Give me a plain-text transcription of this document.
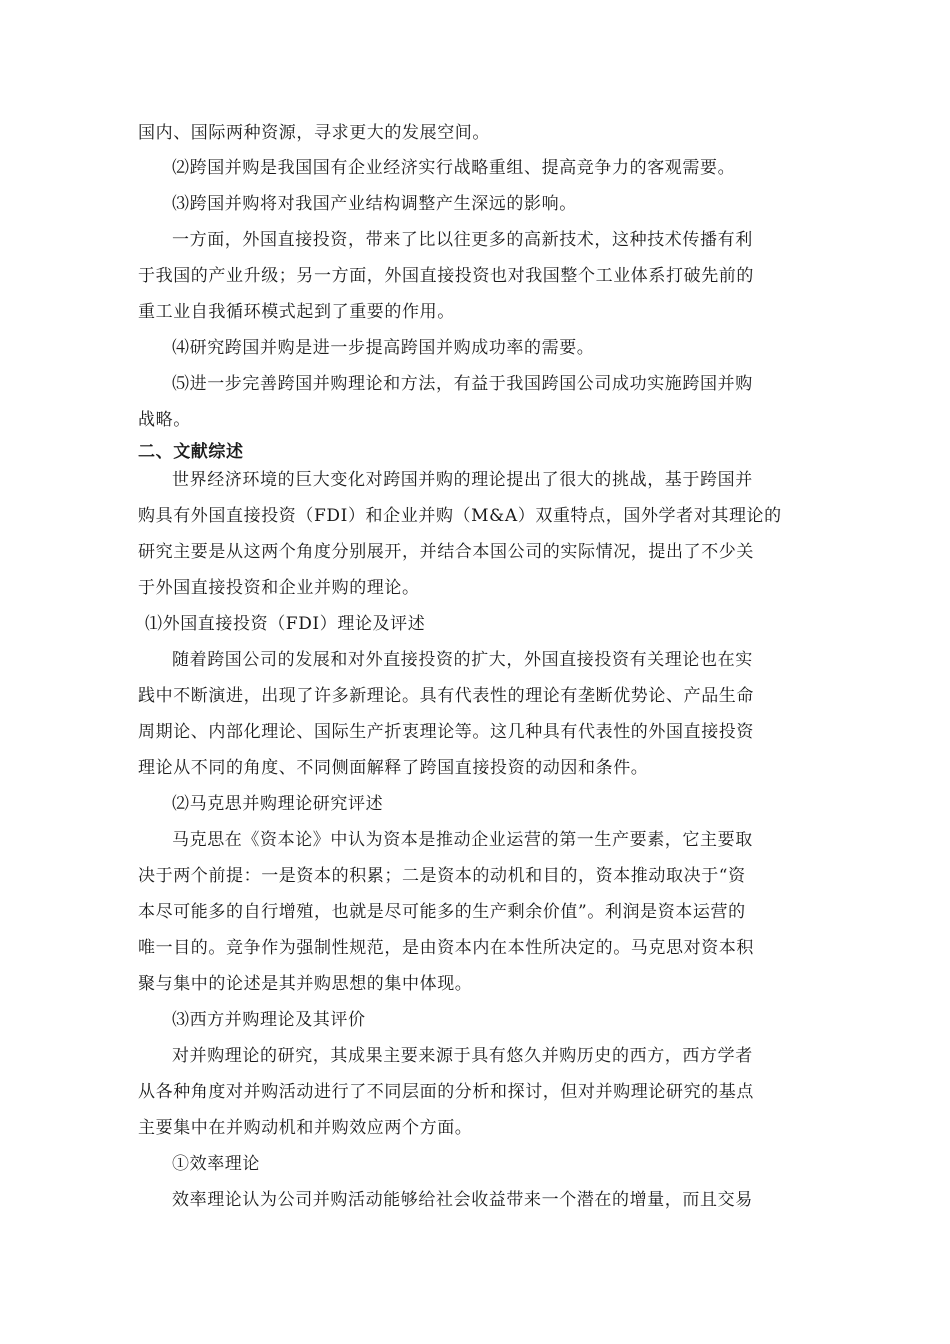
国内、国际两种资源，寻求更大的发展空间。
⑵跨国并购是我国国有企业经济实行战略重组、提高竞争力的客观需要。
⑶跨国并购将对我国产业结构调整产生深远的影响。
一方面，外国直接投资，带来了比以往更多的高新技术，这种技术传播有利
于我国的产业升级；另一方面，外国直接投资也对我国整个工业体系打破先前的
重工业自我循环模式起到了重要的作用。
⑷研究跨国并购是进一步提高跨国并购成功率的需要。
⑸进一步完善跨国并购理论和方法，有益于我国跨国公司成功实施跨国并购
战略。
二、文献综述
世界经济环境的巨大变化对跨国并购的理论提出了很大的挑战，基于跨国并
购具有外国直接投资（FDI）和企业并购（M&A）双重特点，国外学者对其理论的
研究主要是从这两个角度分别展开，并结合本国公司的实际情况，提出了不少关
于外国直接投资和企业并购的理论。
⑴外国直接投资（FDI）理论及评述
随着跨国公司的发展和对外直接投资的扩大，外国直接投资有关理论也在实
践中不断演进，出现了许多新理论。具有代表性的理论有垄断优势论、产品生命
周期论、内部化理论、国际生产折衷理论等。这几种具有代表性的外国直接投资
理论从不同的角度、不同侧面解释了跨国直接投资的动因和条件。
⑵马克思并购理论研究评述
马克思在《资本论》中认为资本是推动企业运营的第一生产要素，它主要取
决于两个前提：一是资本的积累；二是资本的动机和目的，资本推动取决于“资
本尽可能多的自行增殖，也就是尽可能多的生产剩余价值”。利润是资本运营的
唯一目的。竞争作为强制性规范，是由资本内在本性所决定的。马克思对资本积
聚与集中的论述是其并购思想的集中体现。
⑶西方并购理论及其评价
对并购理论的研究，其成果主要来源于具有悠久并购历史的西方，西方学者
从各种角度对并购活动进行了不同层面的分析和探讨，但对并购理论研究的基点
主要集中在并购动机和并购效应两个方面。
①效率理论
效率理论认为公司并购活动能够给社会收益带来一个潜在的增量，而且交易
